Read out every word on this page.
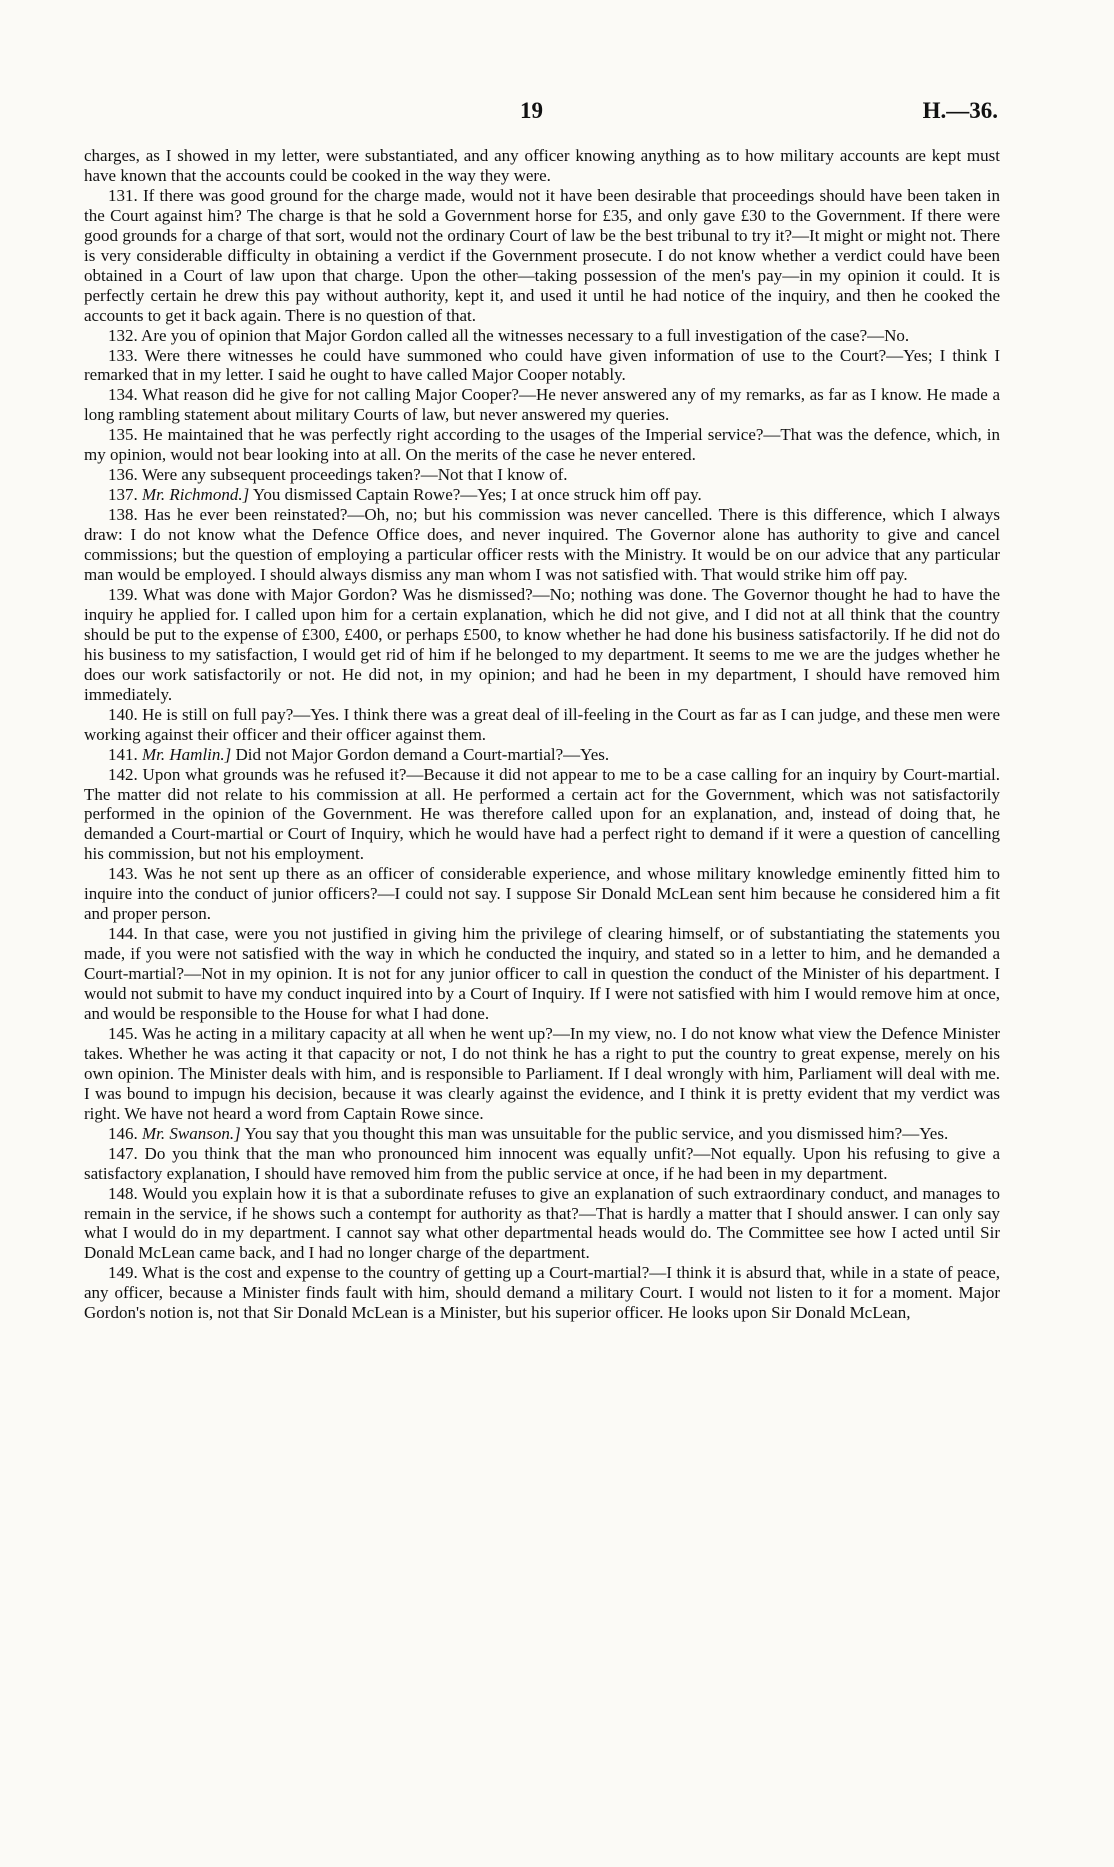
19	H.—36.

charges, as I showed in my letter, were substantiated, and any officer knowing anything as to how military accounts are kept must have known that the accounts could be cooked in the way they were.

131. If there was good ground for the charge made, would not it have been desirable that proceedings should have been taken in the Court against him? The charge is that he sold a Government horse for £35, and only gave £30 to the Government. If there were good grounds for a charge of that sort, would not the ordinary Court of law be the best tribunal to try it?—It might or might not. There is very considerable difficulty in obtaining a verdict if the Government prosecute. I do not know whether a verdict could have been obtained in a Court of law upon that charge. Upon the other—taking possession of the men's pay—in my opinion it could. It is perfectly certain he drew this pay without authority, kept it, and used it until he had notice of the inquiry, and then he cooked the accounts to get it back again. There is no question of that.

132. Are you of opinion that Major Gordon called all the witnesses necessary to a full investigation of the case?—No.

133. Were there witnesses he could have summoned who could have given information of use to the Court?—Yes; I think I remarked that in my letter. I said he ought to have called Major Cooper notably.

134. What reason did he give for not calling Major Cooper?—He never answered any of my remarks, as far as I know. He made a long rambling statement about military Courts of law, but never answered my queries.

135. He maintained that he was perfectly right according to the usages of the Imperial service?—That was the defence, which, in my opinion, would not bear looking into at all. On the merits of the case he never entered.

136. Were any subsequent proceedings taken?—Not that I know of.

137. Mr. Richmond.] You dismissed Captain Rowe?—Yes; I at once struck him off pay.

138. Has he ever been reinstated?—Oh, no; but his commission was never cancelled. There is this difference, which I always draw: I do not know what the Defence Office does, and never inquired. The Governor alone has authority to give and cancel commissions; but the question of employing a particular officer rests with the Ministry. It would be on our advice that any particular man would be employed. I should always dismiss any man whom I was not satisfied with. That would strike him off pay.

139. What was done with Major Gordon? Was he dismissed?—No; nothing was done. The Governor thought he had to have the inquiry he applied for. I called upon him for a certain explanation, which he did not give, and I did not at all think that the country should be put to the expense of £300, £400, or perhaps £500, to know whether he had done his business satisfactorily. If he did not do his business to my satisfaction, I would get rid of him if he belonged to my department. It seems to me we are the judges whether he does our work satisfactorily or not. He did not, in my opinion; and had he been in my department, I should have removed him immediately.

140. He is still on full pay?—Yes. I think there was a great deal of ill-feeling in the Court as far as I can judge, and these men were working against their officer and their officer against them.

141. Mr. Hamlin.] Did not Major Gordon demand a Court-martial?—Yes.

142. Upon what grounds was he refused it?—Because it did not appear to me to be a case calling for an inquiry by Court-martial. The matter did not relate to his commission at all. He performed a certain act for the Government, which was not satisfactorily performed in the opinion of the Government. He was therefore called upon for an explanation, and, instead of doing that, he demanded a Court-martial or Court of Inquiry, which he would have had a perfect right to demand if it were a question of cancelling his commission, but not his employment.

143. Was he not sent up there as an officer of considerable experience, and whose military knowledge eminently fitted him to inquire into the conduct of junior officers?—I could not say. I suppose Sir Donald McLean sent him because he considered him a fit and proper person.

144. In that case, were you not justified in giving him the privilege of clearing himself, or of substantiating the statements you made, if you were not satisfied with the way in which he conducted the inquiry, and stated so in a letter to him, and he demanded a Court-martial?—Not in my opinion. It is not for any junior officer to call in question the conduct of the Minister of his department. I would not submit to have my conduct inquired into by a Court of Inquiry. If I were not satisfied with him I would remove him at once, and would be responsible to the House for what I had done.

145. Was he acting in a military capacity at all when he went up?—In my view, no. I do not know what view the Defence Minister takes. Whether he was acting it that capacity or not, I do not think he has a right to put the country to great expense, merely on his own opinion. The Minister deals with him, and is responsible to Parliament. If I deal wrongly with him, Parliament will deal with me. I was bound to impugn his decision, because it was clearly against the evidence, and I think it is pretty evident that my verdict was right. We have not heard a word from Captain Rowe since.

146. Mr. Swanson.] You say that you thought this man was unsuitable for the public service, and you dismissed him?—Yes.

147. Do you think that the man who pronounced him innocent was equally unfit?—Not equally. Upon his refusing to give a satisfactory explanation, I should have removed him from the public service at once, if he had been in my department.

148. Would you explain how it is that a subordinate refuses to give an explanation of such extraordinary conduct, and manages to remain in the service, if he shows such a contempt for authority as that?—That is hardly a matter that I should answer. I can only say what I would do in my department. I cannot say what other departmental heads would do. The Committee see how I acted until Sir Donald McLean came back, and I had no longer charge of the department.

149. What is the cost and expense to the country of getting up a Court-martial?—I think it is absurd that, while in a state of peace, any officer, because a Minister finds fault with him, should demand a military Court. I would not listen to it for a moment. Major Gordon's notion is, not that Sir Donald McLean is a Minister, but his superior officer. He looks upon Sir Donald McLean,
